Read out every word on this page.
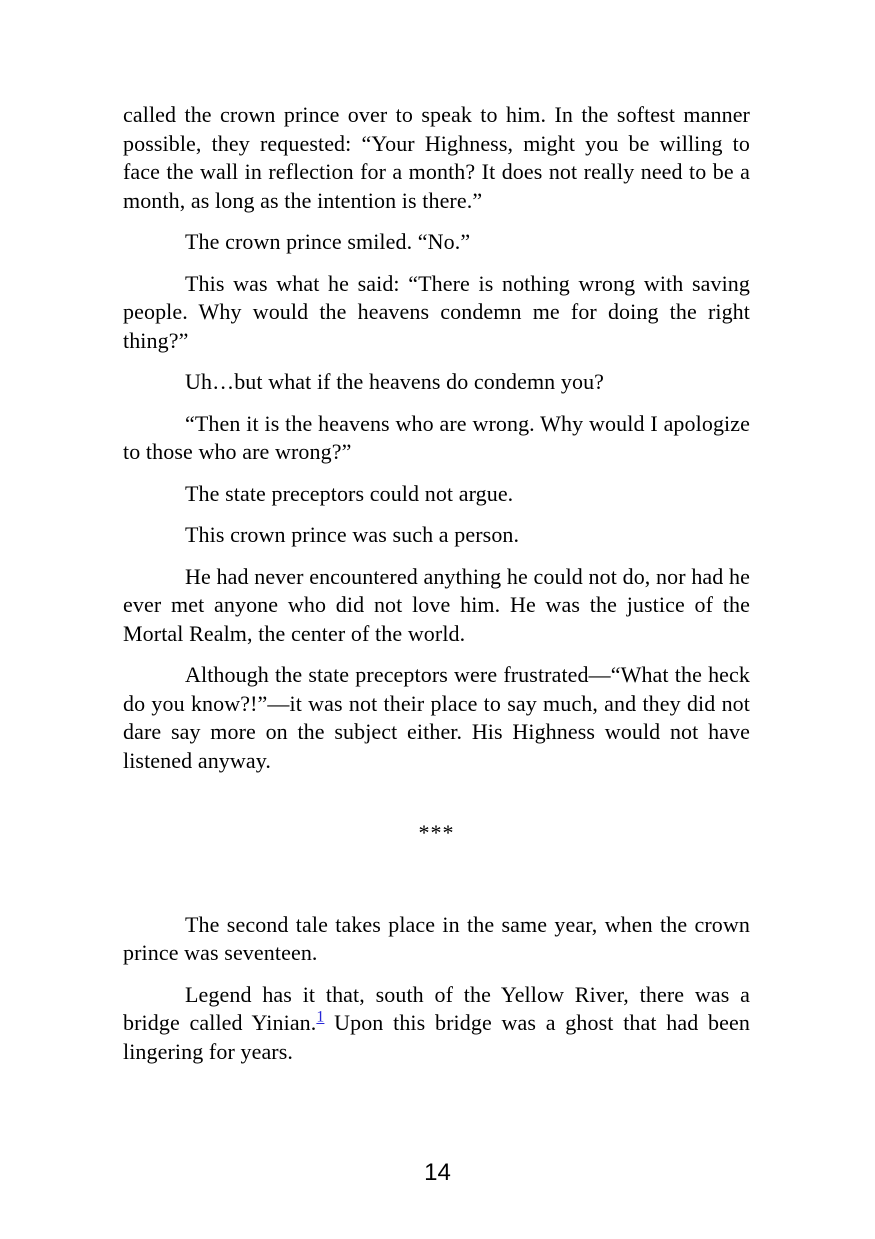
called the crown prince over to speak to him. In the softest manner possible, they requested: “Your Highness, might you be willing to face the wall in reflection for a month? It does not really need to be a month, as long as the intention is there.”

The crown prince smiled. “No.”

This was what he said: “There is nothing wrong with saving people. Why would the heavens condemn me for doing the right thing?”

Uh…but what if the heavens do condemn you?

“Then it is the heavens who are wrong. Why would I apologize to those who are wrong?”

The state preceptors could not argue.

This crown prince was such a person.

He had never encountered anything he could not do, nor had he ever met anyone who did not love him. He was the justice of the Mortal Realm, the center of the world.

Although the state preceptors were frustrated—“What the heck do you know?!”—it was not their place to say much, and they did not dare say more on the subject either. His Highness would not have listened anyway.

***

The second tale takes place in the same year, when the crown prince was seventeen.

Legend has it that, south of the Yellow River, there was a bridge called Yinian.$^1$ Upon this bridge was a ghost that had been lingering for years.

14
